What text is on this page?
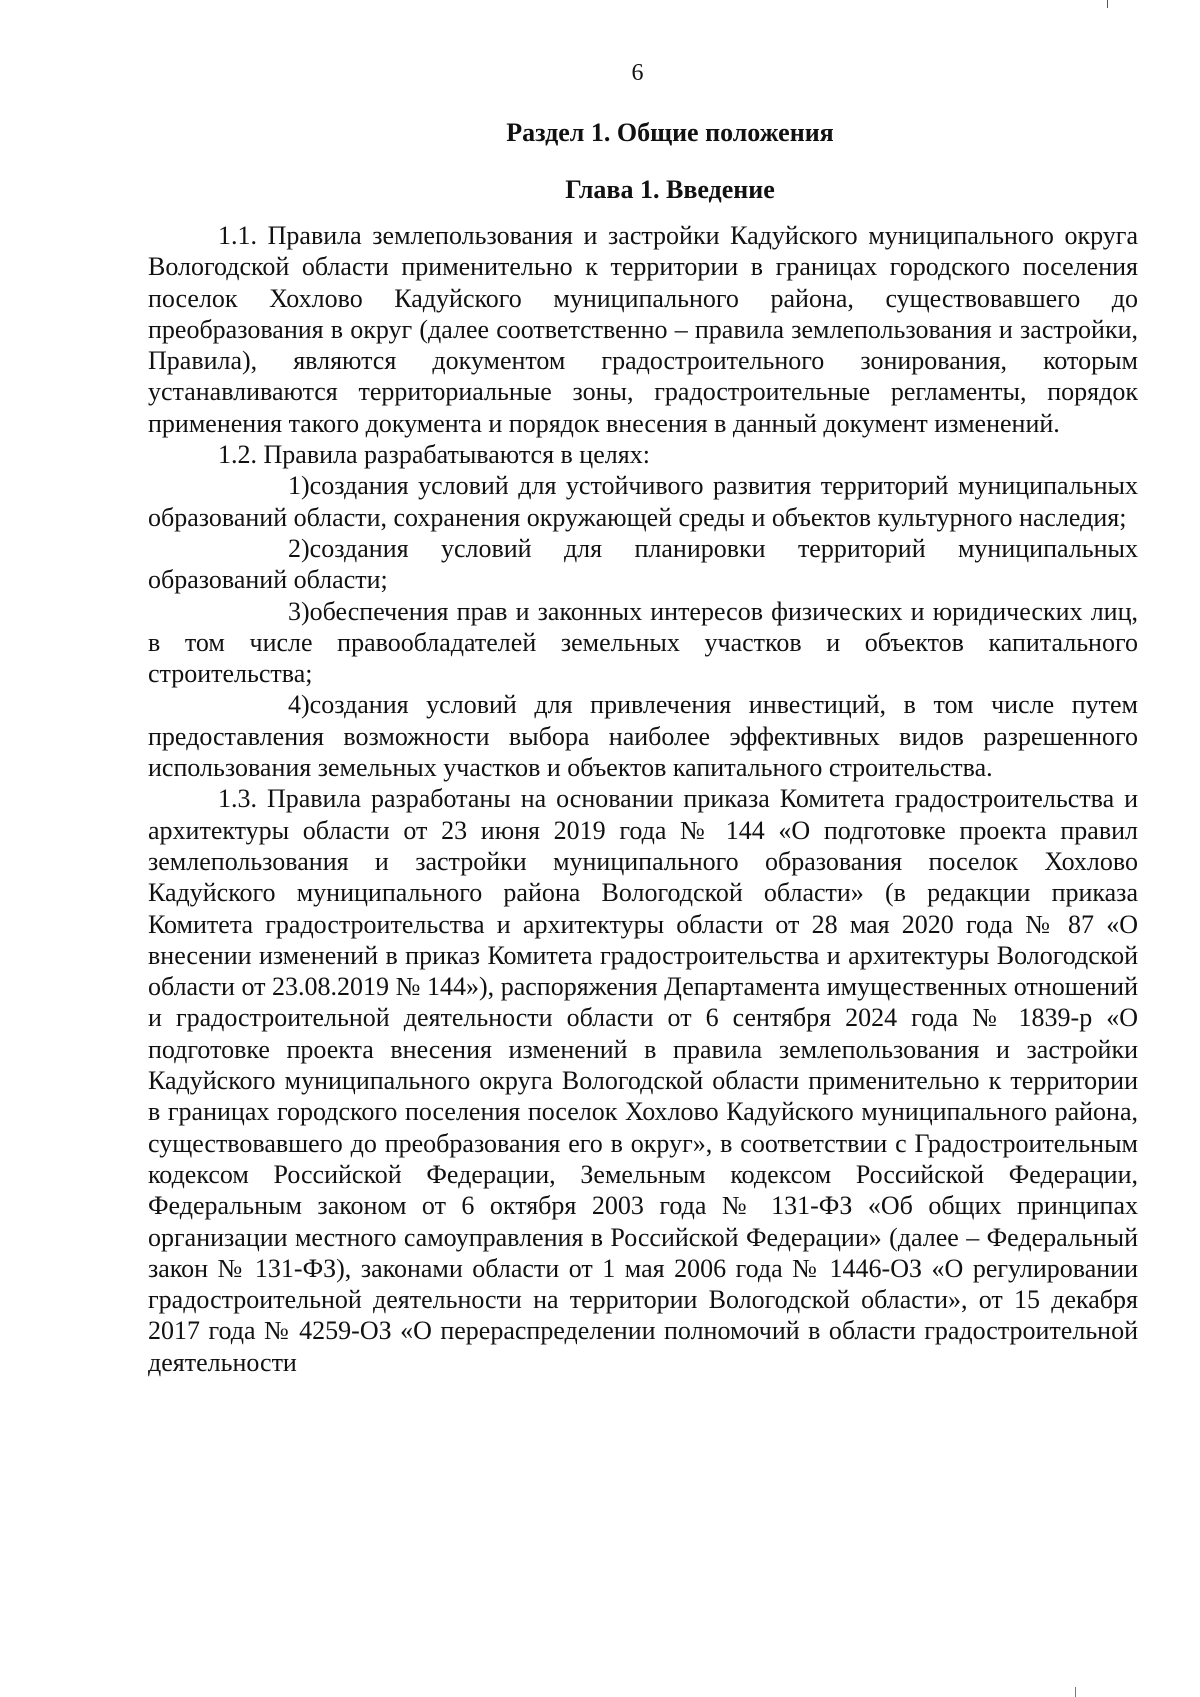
6
Раздел 1. Общие положения
Глава 1. Введение

1.1. Правила землепользования и застройки Кадуйского муниципального округа Вологодской области применительно к территории в границах городского поселения поселок Хохлово Кадуйского муниципального района, существовавшего до преобразования в округ (далее соответственно – правила землепользования и застройки, Правила), являются документом градостроительного зонирования, которым устанавливаются территориальные зоны, градостроительные регламенты, порядок применения такого документа и порядок внесения в данный документ изменений.

1.2. Правила разрабатываются в целях:

1)создания условий для устойчивого развития территорий муниципальных образований области, сохранения окружающей среды и объектов культурного наследия;

2)создания условий для планировки территорий муниципальных образований области;

3)обеспечения прав и законных интересов физических и юридических лиц, в том числе правообладателей земельных участков и объектов капитального строительства;

4)создания условий для привлечения инвестиций, в том числе путем предоставления возможности выбора наиболее эффективных видов разрешенного использования земельных участков и объектов капитального строительства.

1.3. Правила разработаны на основании приказа Комитета градостроительства и архитектуры области от 23 июня 2019 года № 144 «О подготовке проекта правил землепользования и застройки муниципального образования поселок Хохлово Кадуйского муниципального района Вологодской области» (в редакции приказа Комитета градостроительства и архитектуры области от 28 мая 2020 года № 87 «О внесении изменений в приказ Комитета градостроительства и архитектуры Вологодской области от 23.08.2019 № 144»), распоряжения Департамента имущественных отношений и градостроительной деятельности области от 6 сентября 2024 года № 1839-р «О подготовке проекта внесения изменений в правила землепользования и застройки Кадуйского муниципального округа Вологодской области применительно к территории в границах городского поселения поселок Хохлово Кадуйского муниципального района, существовавшего до преобразования его в округ», в соответствии с Градостроительным кодексом Российской Федерации, Земельным кодексом Российской Федерации, Федеральным законом от 6 октября 2003 года № 131-ФЗ «Об общих принципах организации местного самоуправления в Российской Федерации» (далее – Федеральный закон № 131-ФЗ), законами области от 1 мая 2006 года № 1446-ОЗ «О регулировании градостроительной деятельности на территории Вологодской области», от 15 декабря 2017 года № 4259-ОЗ «О перераспределении полномочий в области градостроительной деятельности
